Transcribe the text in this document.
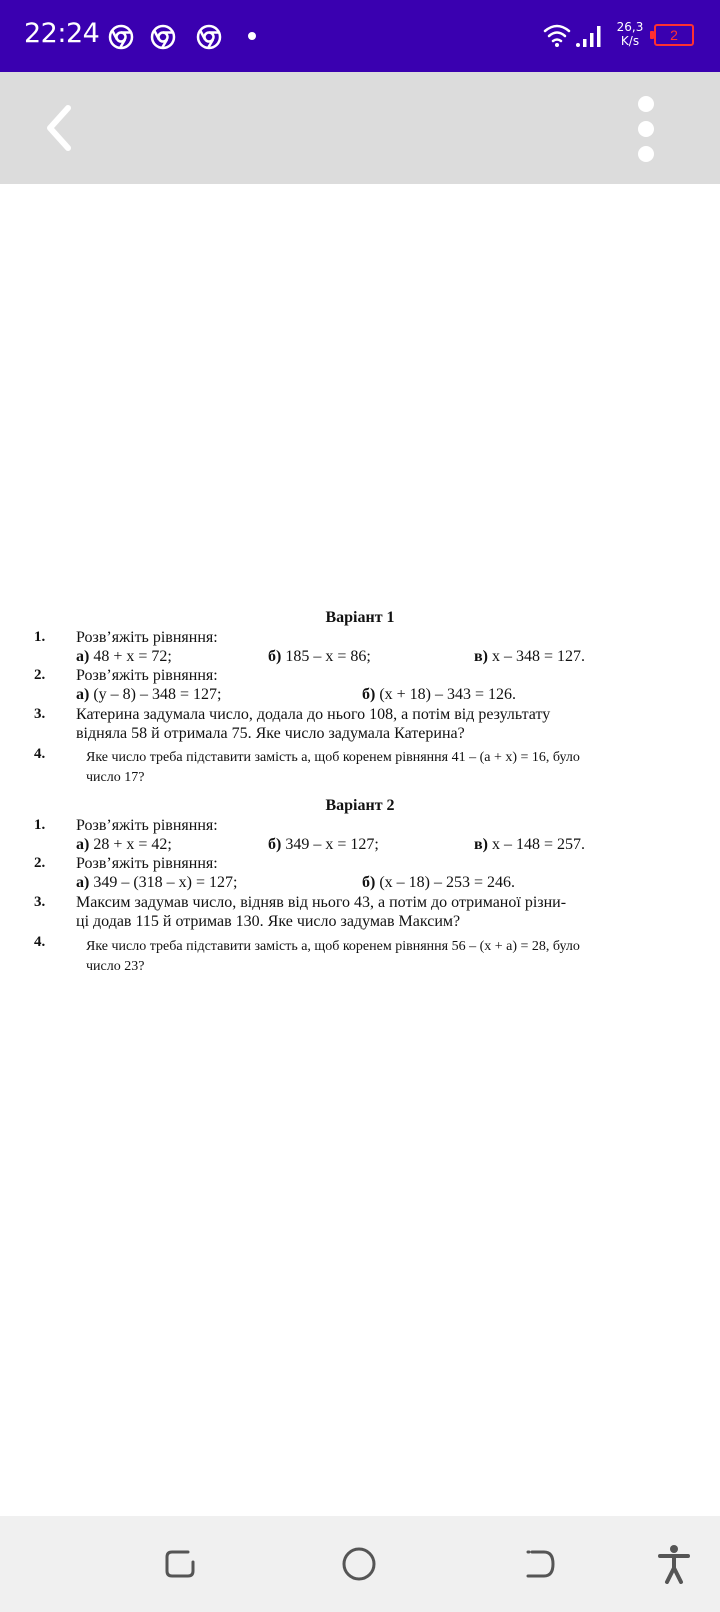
22:24	26,3
K/s	2
Варіант 1
1. Розв’яжіть рівняння:
а) 48 + x = 72;	б) 185 – x = 86;	в) x – 348 = 127.
2. Розв’яжіть рівняння:
а) (y – 8) – 348 = 127;	б) (x + 18) – 343 = 126.
3. Катерина задумала число, додала до нього 108, а потім від результату
відняла 58 й отримала 75. Яке число задумала Катерина?
4.	Яке число треба підставити замість а, щоб коренем рівняння 41 – (а + х) = 16, було
число 17?
Варіант 2
1. Розв’яжіть рівняння:
а) 28 + x = 42;	б) 349 – x = 127;	в) x – 148 = 257.
2. Розв’яжіть рівняння:
а) 349 – (318 – x) = 127;	б) (x – 18) – 253 = 246.
3. Максим задумав число, відняв від нього 43, а потім до отриманої різни-
ці додав 115 й отримав 130. Яке число задумав Максим?
4.	Яке число треба підставити замість а, щоб коренем рівняння 56 – (х + а) = 28, було
число 23?
